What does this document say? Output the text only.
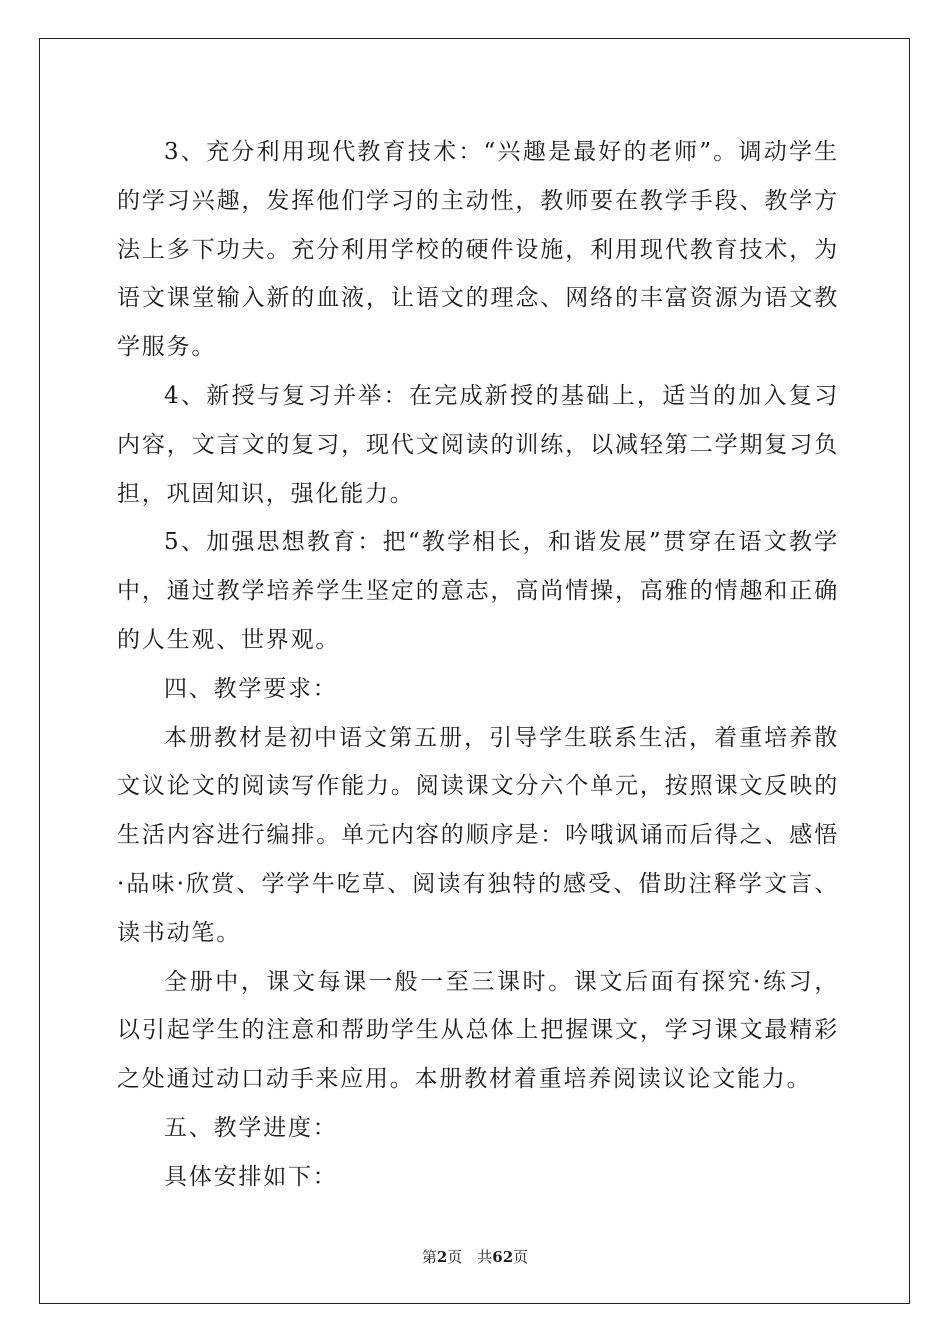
3、充分利用现代教育技术：“兴趣是最好的老师”。调动学生的学习兴趣，发挥他们学习的主动性，教师要在教学手段、教学方法上多下功夫。充分利用学校的硬件设施，利用现代教育技术，为语文课堂输入新的血液，让语文的理念、网络的丰富资源为语文教学服务。

4、新授与复习并举：在完成新授的基础上，适当的加入复习内容，文言文的复习，现代文阅读的训练，以减轻第二学期复习负担，巩固知识，强化能力。

5、加强思想教育：把“教学相长，和谐发展”贯穿在语文教学中，通过教学培养学生坚定的意志，高尚情操，高雅的情趣和正确的人生观、世界观。

四、教学要求：

本册教材是初中语文第五册，引导学生联系生活，着重培养散文议论文的阅读写作能力。阅读课文分六个单元，按照课文反映的生活内容进行编排。单元内容的顺序是：吟哦讽诵而后得之、感悟·品味·欣赏、学学牛吃草、阅读有独特的感受、借助注释学文言、读书动笔。

全册中，课文每课一般一至三课时。课文后面有探究·练习，以引起学生的注意和帮助学生从总体上把握课文，学习课文最精彩之处通过动口动手来应用。本册教材着重培养阅读议论文能力。

五、教学进度：

具体安排如下：

第2页　共62页
